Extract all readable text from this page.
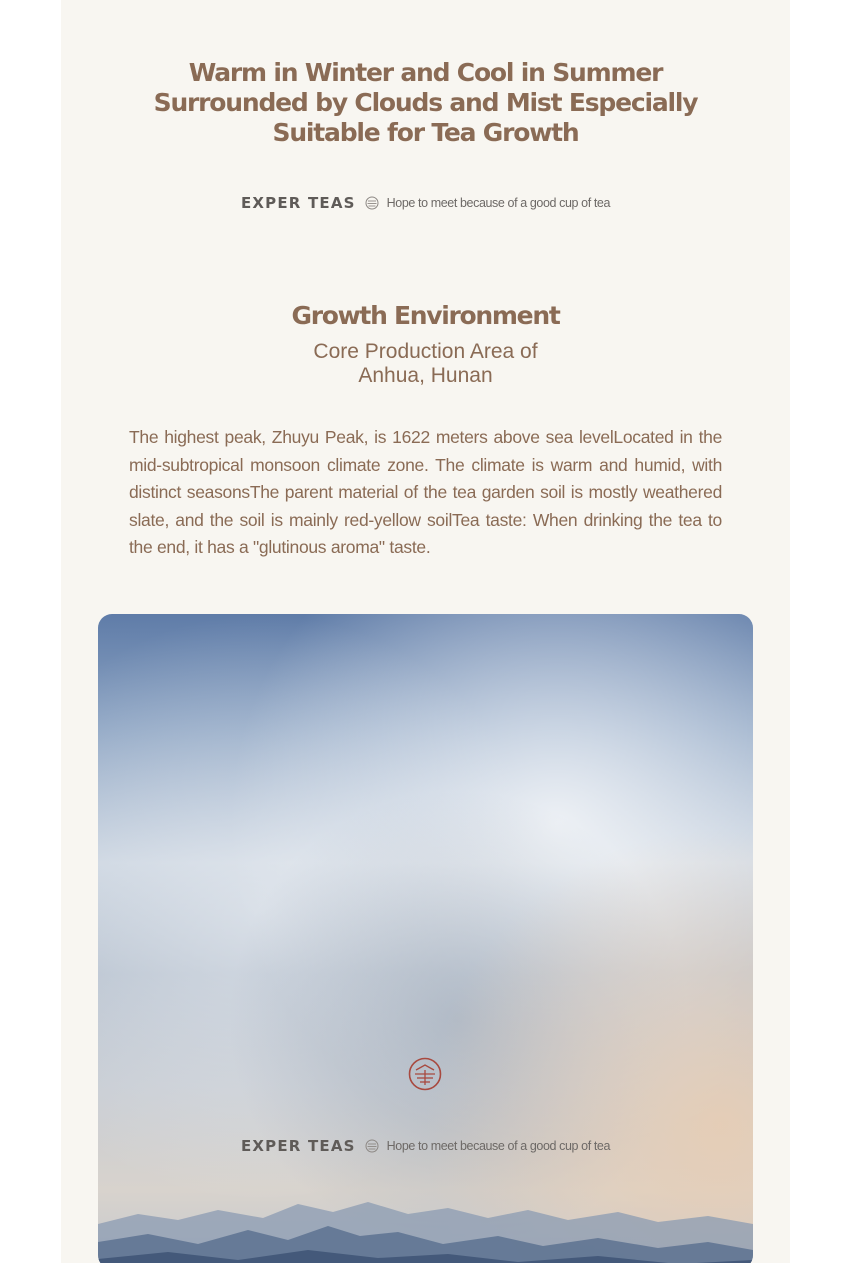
Warm in Winter and Cool in Summer
Surrounded by Clouds and Mist Especially
Suitable for Tea Growth
EXPER TEAS Hope to meet because of a good cup of tea
Growth Environment
Core Production Area of
Anhua, Hunan

The highest peak, Zhuyu Peak, is 1622 meters above sea levelLocated in the mid-subtropical monsoon climate zone. The climate is warm and humid, with distinct seasonsThe parent material of the tea garden soil is mostly weathered slate, and the soil is mainly red-yellow soilTea taste: When drinking the tea to the end, it has a "glutinous aroma" taste.

EXPER TEAS Hope to meet because of a good cup of tea
